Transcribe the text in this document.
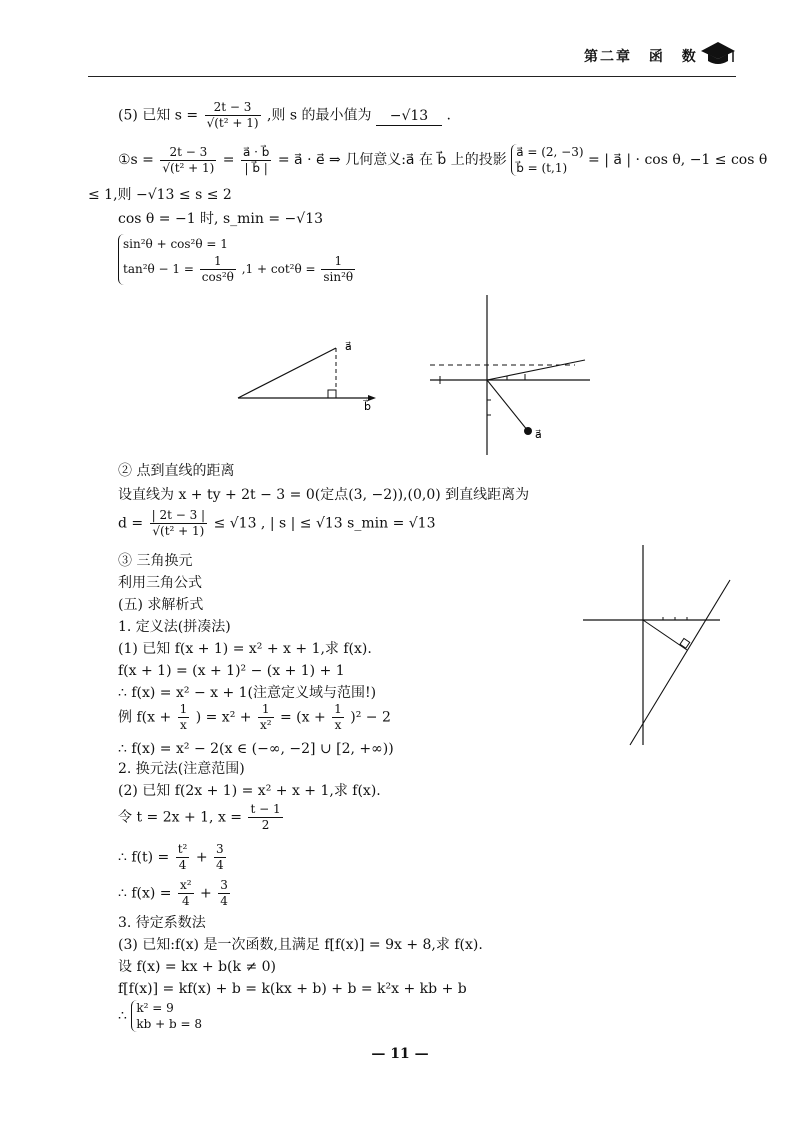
第二章 函 数
(5) 已知 $s = \frac{2t - 3}{\text{√(t² + 1)}}$ ,则 s 的最小值为 −√13 .
①s = $\frac{2t - 3}{\text{√(t² + 1)}} = \frac{a⃗ \cdot b⃗}{| b⃗ |}$ = a⃗ · e⃗ ⇒ 几何意义:a⃗ 在 b⃗ 上的投影 a⃗ = (2, −3)
b⃗ = (t,1)	= | a⃗ | · cos θ, −1 ≤ cos θ
≤ 1,则 −√13 ≤ s ≤ 2
cos θ = −1 时, s_min = −√13
sin²θ + cos²θ = 1
$\tan^2\theta - 1 = \frac{1}{\text{cos²θ}} ,1 + \cot^2\theta = \frac{1}{\text{sin²θ}}$
a⃗
b⃗
a⃗
② 点到直线的距离
设直线为 x + ty + 2t − 3 = 0(定点(3, −2)),(0,0) 到直线距离为
$d = \frac{| 2t - 3 |}{\text{√(t² + 1)}} \le √13$ , | s | ≤ √13 s_min = √13
③ 三角换元
利用三角公式
(五) 求解析式
1. 定义法(拼凑法)
(1) 已知 f(x + 1) = x² + x + 1,求 f(x).
f(x + 1) = (x + 1)² − (x + 1) + 1
∴ f(x) = x² − x + 1(注意定义域与范围!)
例 $f(x + \frac{1}{x}$ ) = $x^2 + \frac{1}{\text{x²}} = (x + \frac{1}{x} )^2 - 2$
∴ f(x) = x² − 2(x ∈ (−∞, −2] ∪ [2, +∞))
2. 换元法(注意范围)
(2) 已知 f(2x + 1) = x² + x + 1,求 f(x).
令 t = 2x + 1, $x = \frac{t - 1}{2}$
∴ $f(t) = \frac{\text{t²}}{4} + \frac{3}{4}$
∴ $f(x) = \frac{\text{x²}}{4} + \frac{3}{4}$
3. 待定系数法
(3) 已知:f(x) 是一次函数,且满足 f[f(x)] = 9x + 8,求 f(x).
设 f(x) = kx + b(k ≠ 0)
f[f(x)] = kf(x) + b = k(kx + b) + b = k²x + kb + b
∴ k² = 9
kb + b = 8
— 11 —
